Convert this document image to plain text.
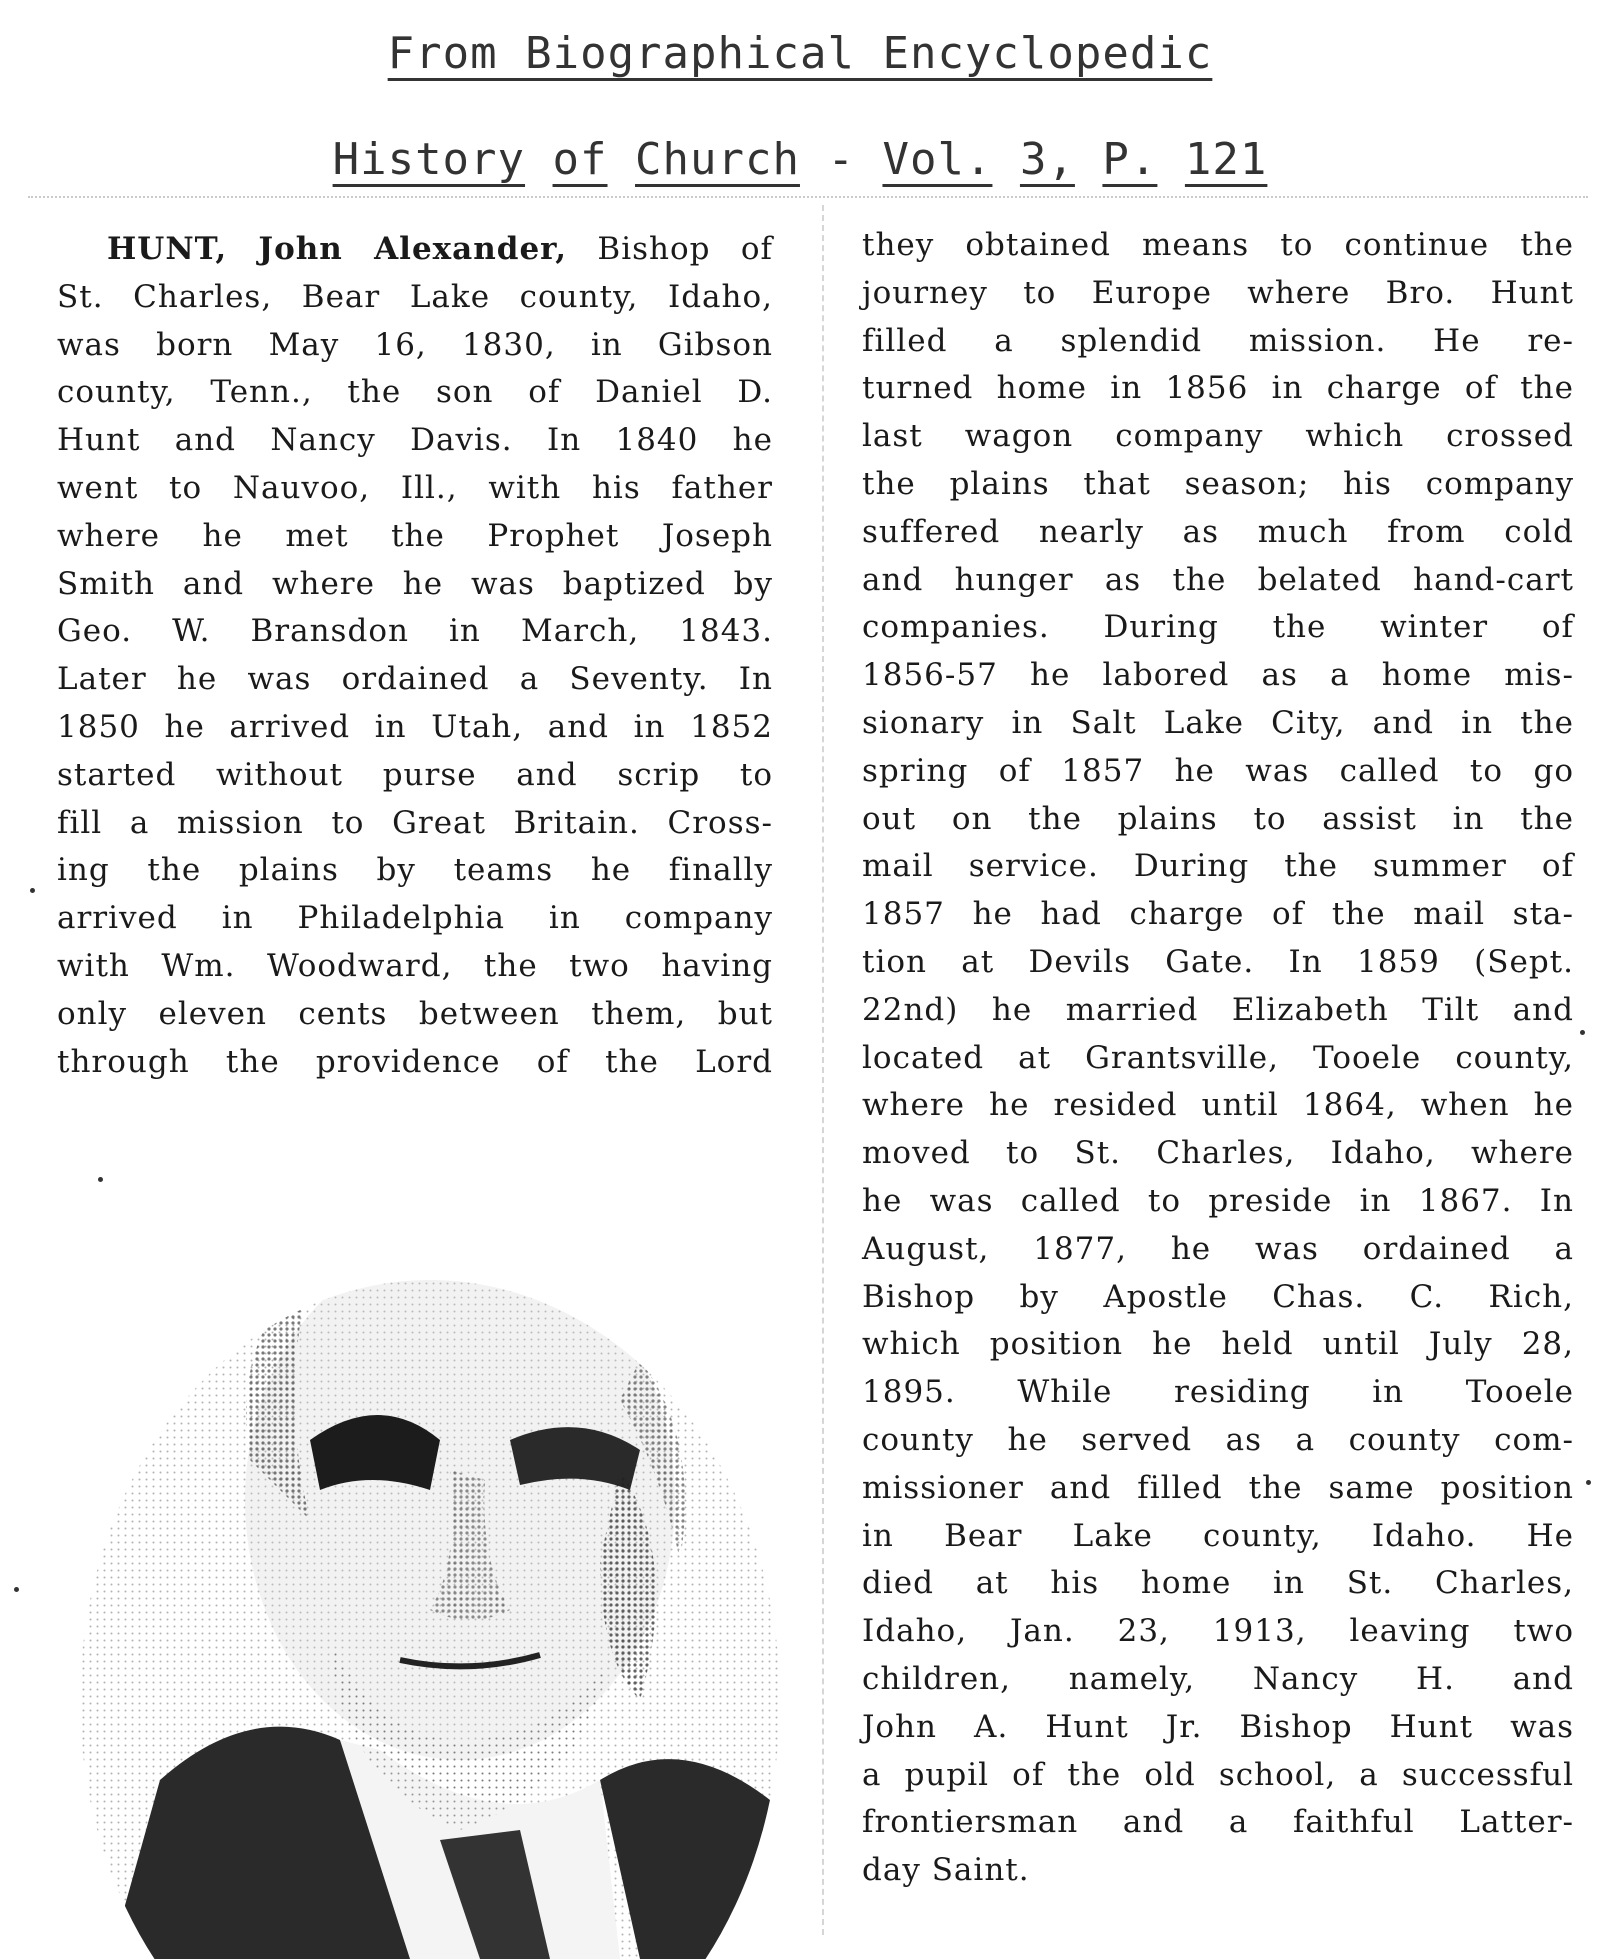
From Biographical Encyclopedic
History of Church - Vol. 3, P. 121
HUNT, John Alexander, Bishop of
St. Charles, Bear Lake county, Idaho,
was born May 16, 1830, in Gibson
county, Tenn., the son of Daniel D.
Hunt and Nancy Davis. In 1840 he
went to Nauvoo, Ill., with his father
where he met the Prophet Joseph
Smith and where he was baptized by
Geo. W. Bransdon in March, 1843.
Later he was ordained a Seventy. In
1850 he arrived in Utah, and in 1852
started without purse and scrip to
fill a mission to Great Britain. Cross-
ing the plains by teams he finally
arrived in Philadelphia in company
with Wm. Woodward, the two having
only eleven cents between them, but
through the providence of the Lord
they obtained means to continue the
journey to Europe where Bro. Hunt
filled a splendid mission. He re-
turned home in 1856 in charge of the
last wagon company which crossed
the plains that season; his company
suffered nearly as much from cold
and hunger as the belated hand-cart
companies. During the winter of
1856-57 he labored as a home mis-
sionary in Salt Lake City, and in the
spring of 1857 he was called to go
out on the plains to assist in the
mail service. During the summer of
1857 he had charge of the mail sta-
tion at Devils Gate. In 1859 (Sept.
22nd) he married Elizabeth Tilt and
located at Grantsville, Tooele county,
where he resided until 1864, when he
moved to St. Charles, Idaho, where
he was called to preside in 1867. In
August, 1877, he was ordained a
Bishop by Apostle Chas. C. Rich,
which position he held until July 28,
1895. While residing in Tooele
county he served as a county com-
missioner and filled the same position
in Bear Lake county, Idaho. He
died at his home in St. Charles,
Idaho, Jan. 23, 1913, leaving two
children, namely, Nancy H. and
John A. Hunt Jr. Bishop Hunt was
a pupil of the old school, a successful
frontiersman and a faithful Latter-
day Saint.
